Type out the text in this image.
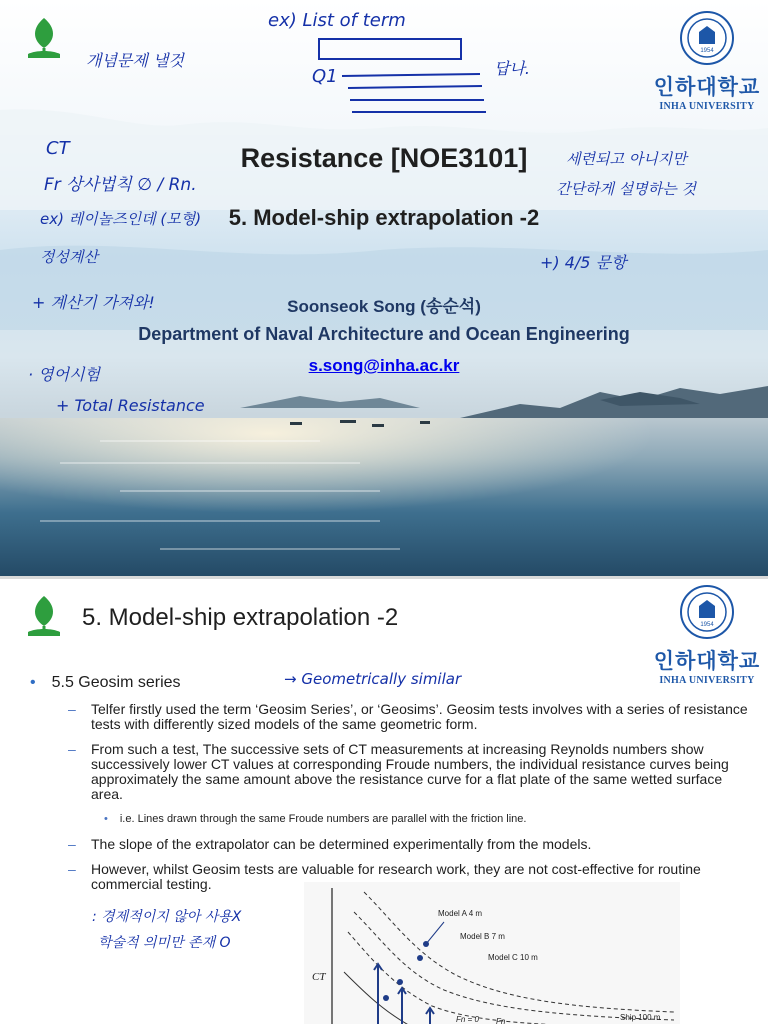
1954
인하대학교
INHA UNIVERSITY
Resistance [NOE3101]
5. Model-ship extrapolation -2
Soonseok Song (송순석)
Department of Naval Architecture and Ocean Engineering
s.song@inha.ac.kr
ex) List of term
개념문제 낼것
Q1	답나.
CT
Fr 상사법칙 ∅ / Rn.
ex) 레이놀즈인데 (모형)
정성계산
세련되고 아니지만
간단하게 설명하는 것
+) 4/5 문항
+ 계산기 가져와!
· 영어시험
+ Total Resistance
5. Model-ship extrapolation -2	1954
인하대학교
INHA UNIVERSITY
• 5.5 Geosim series	→ Geometrically similar
– Telfer firstly used the term ‘Geosim Series’, or ‘Geosims’. Geosim tests involves with a series of resistance tests with differently sized models of the same geometric form.
– From such a test, The successive sets of CT measurements at increasing Reynolds numbers show successively lower CT values at corresponding Froude numbers, the individual resistance curves being approximately the same amount above the resistance curve for a flat plate of the same wetted surface area.
• i.e. Lines drawn through the same Froude numbers are parallel with the friction line.
– The slope of the extrapolator can be determined experimentally from the models.
– However, whilst Geosim tests are valuable for research work, they are not cost-effective for routine commercial testing.
: 경제적이지 않아 사용X
학술적 의미만 존재 O
CT
Model A 4 m
Model B 7 m
Model C 10 m
Ship 100 m
Fn = 0 Fn
